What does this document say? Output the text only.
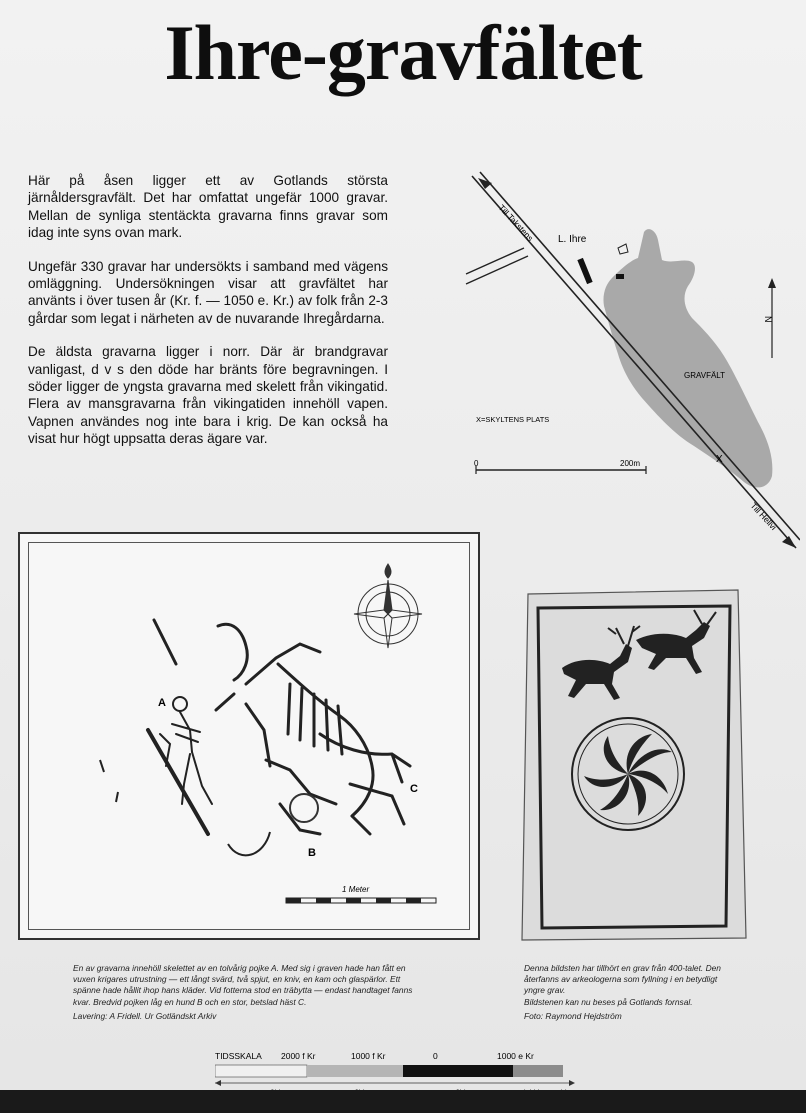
Ihre-gravfältet

Här på åsen ligger ett av Gotlands största järnåldersgravfält. Det har omfattat ungefär 1000 gravar. Mellan de synliga stentäckta gravarna finns gravar som idag inte syns ovan mark.

Ungefär 330 gravar har undersökts i samband med vägens omläggning. Undersökningen visar att gravfältet har använts i över tusen år (Kr. f. — 1050 e. Kr.) av folk från 2-3 gårdar som legat i närheten av de nuvarande Ihregårdarna.

De äldsta gravarna ligger i norr. Där är brandgravar vanligast, d v s den döde har bränts före begravningen. I söder ligger de yngsta gravarna med skelett från vikingatid. Flera av mansgravarna från vikingatiden innehöll vapen. Vapnen användes nog inte bara i krig. De kan också ha visat hur högt uppsatta deras ägare var.

Till Takstens
Till Hellvi
L. Ihre
GRAVFÄLT
X=SKYLTENS PLATS
X
N
0	200m
A
B
C
1 Meter

En av gravarna innehöll skelettet av en tolvårig pojke A. Med sig i graven hade han fått en vuxen krigares utrustning — ett långt svärd, två spjut, en kniv, en kam och glaspärlor. Ett spänne hade hållit ihop hans kläder. Vid fotterna stod en träbytta — endast handtaget fanns kvar. Bredvid pojken låg en hund B och en stor, betslad häst C.

Lavering: A Fridell. Ur Gotländskt Arkiv

Denna bildsten har tillhört en grav från 400-talet. Den återfanns av arkeologerna som fyllning i en betydligt yngre grav.

Bildstenen kan nu beses på Gotlands fornsal.

Foto: Raymond Hejdström

TIDSSKALA 2000 f Kr	1000 f Kr	0	1000 e Kr
